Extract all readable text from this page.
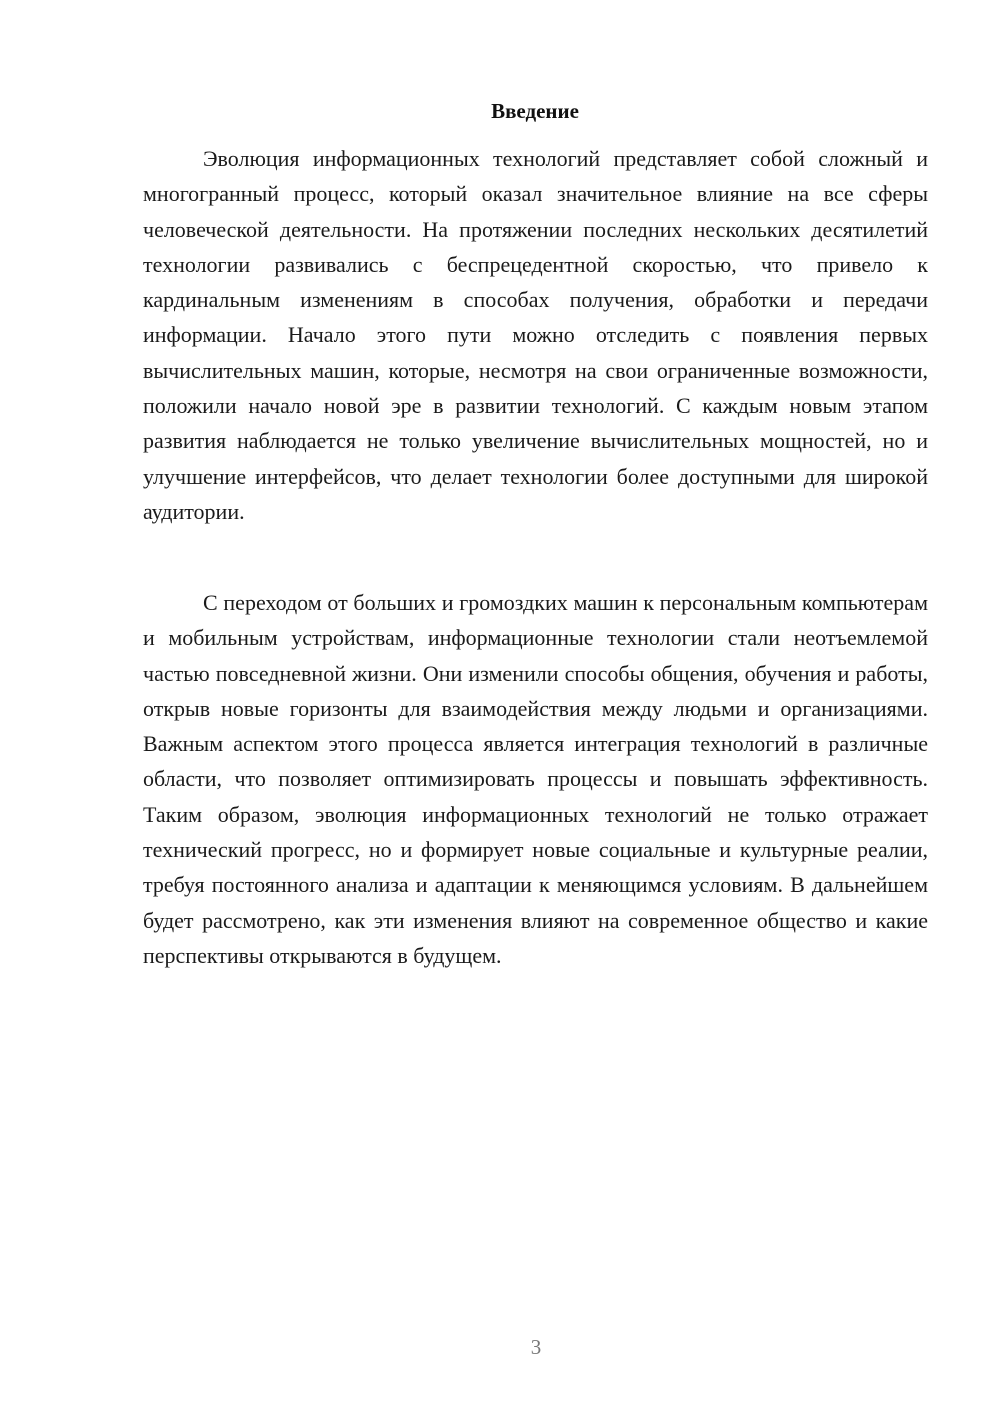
Введение

Эволюция информационных технологий представляет собой сложный и многогранный процесс, который оказал значительное влияние на все сферы человеческой деятельности. На протяжении последних нескольких десятилетий технологии развивались с беспрецедентной скоростью, что привело к кардинальным изменениям в способах получения, обработки и передачи информации. Начало этого пути можно отследить с появления первых вычислительных машин, которые, несмотря на свои ограниченные возможности, положили начало новой эре в развитии технологий. С каждым новым этапом развития наблюдается не только увеличение вычислительных мощностей, но и улучшение интерфейсов, что делает технологии более доступными для широкой аудитории.

С переходом от больших и громоздких машин к персональным компьютерам и мобильным устройствам, информационные технологии стали неотъемлемой частью повседневной жизни. Они изменили способы общения, обучения и работы, открыв новые горизонты для взаимодействия между людьми и организациями. Важным аспектом этого процесса является интеграция технологий в различные области, что позволяет оптимизировать процессы и повышать эффективность. Таким образом, эволюция информационных технологий не только отражает технический прогресс, но и формирует новые социальные и культурные реалии, требуя постоянного анализа и адаптации к меняющимся условиям. В дальнейшем будет рассмотрено, как эти изменения влияют на современное общество и какие перспективы открываются в будущем.

3
